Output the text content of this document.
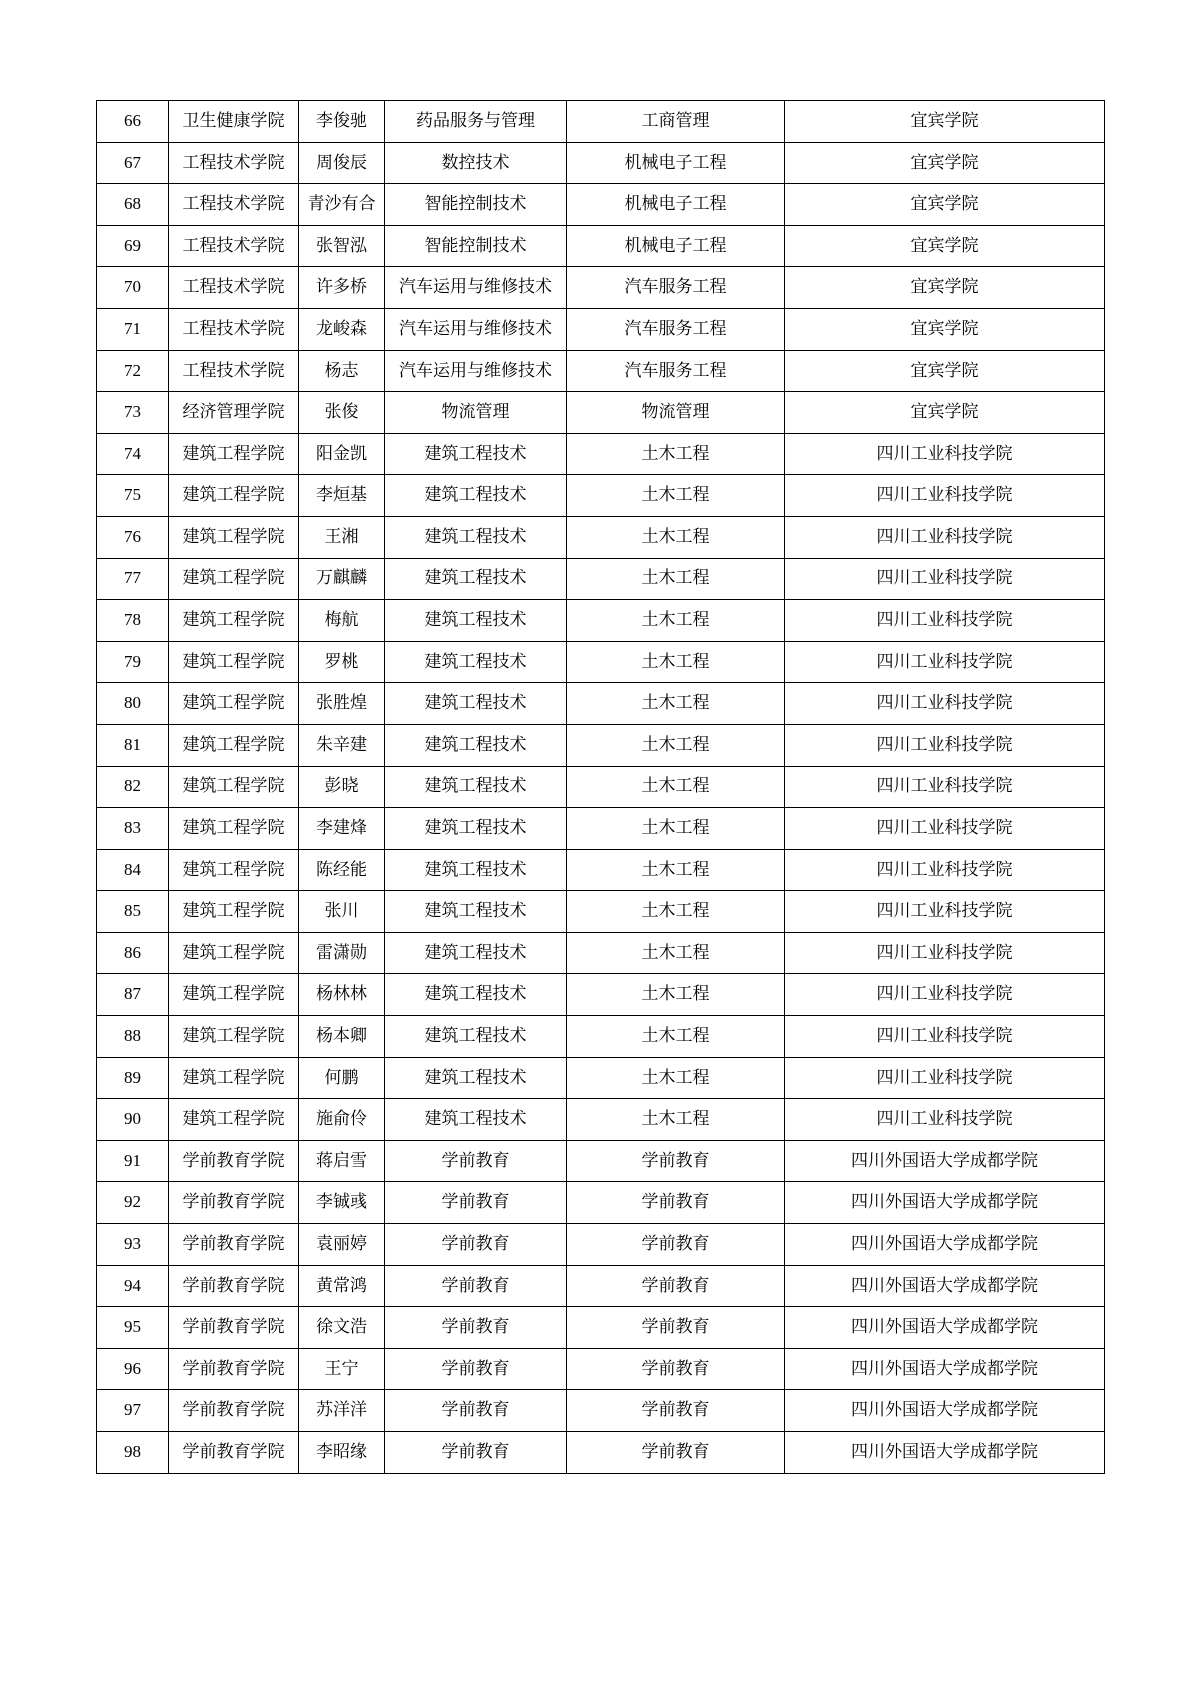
66	卫生健康学院	李俊驰	药品服务与管理	工商管理	宜宾学院
67	工程技术学院	周俊辰	数控技术	机械电子工程	宜宾学院
68	工程技术学院	青沙有合	智能控制技术	机械电子工程	宜宾学院
69	工程技术学院	张智泓	智能控制技术	机械电子工程	宜宾学院
70	工程技术学院	许多桥	汽车运用与维修技术	汽车服务工程	宜宾学院
71	工程技术学院	龙峻森	汽车运用与维修技术	汽车服务工程	宜宾学院
72	工程技术学院	杨志	汽车运用与维修技术	汽车服务工程	宜宾学院
73	经济管理学院	张俊	物流管理	物流管理	宜宾学院
74	建筑工程学院	阳金凯	建筑工程技术	土木工程	四川工业科技学院
75	建筑工程学院	李烜基	建筑工程技术	土木工程	四川工业科技学院
76	建筑工程学院	王湘	建筑工程技术	土木工程	四川工业科技学院
77	建筑工程学院	万麒麟	建筑工程技术	土木工程	四川工业科技学院
78	建筑工程学院	梅航	建筑工程技术	土木工程	四川工业科技学院
79	建筑工程学院	罗桃	建筑工程技术	土木工程	四川工业科技学院
80	建筑工程学院	张胜煌	建筑工程技术	土木工程	四川工业科技学院
81	建筑工程学院	朱辛建	建筑工程技术	土木工程	四川工业科技学院
82	建筑工程学院	彭晓	建筑工程技术	土木工程	四川工业科技学院
83	建筑工程学院	李建烽	建筑工程技术	土木工程	四川工业科技学院
84	建筑工程学院	陈经能	建筑工程技术	土木工程	四川工业科技学院
85	建筑工程学院	张川	建筑工程技术	土木工程	四川工业科技学院
86	建筑工程学院	雷潇勋	建筑工程技术	土木工程	四川工业科技学院
87	建筑工程学院	杨林林	建筑工程技术	土木工程	四川工业科技学院
88	建筑工程学院	杨本卿	建筑工程技术	土木工程	四川工业科技学院
89	建筑工程学院	何鹏	建筑工程技术	土木工程	四川工业科技学院
90	建筑工程学院	施俞伶	建筑工程技术	土木工程	四川工业科技学院
91	学前教育学院	蒋启雪	学前教育	学前教育	四川外国语大学成都学院
92	学前教育学院	李铖彧	学前教育	学前教育	四川外国语大学成都学院
93	学前教育学院	袁丽婷	学前教育	学前教育	四川外国语大学成都学院
94	学前教育学院	黄常鸿	学前教育	学前教育	四川外国语大学成都学院
95	学前教育学院	徐文浩	学前教育	学前教育	四川外国语大学成都学院
96	学前教育学院	王宁	学前教育	学前教育	四川外国语大学成都学院
97	学前教育学院	苏洋洋	学前教育	学前教育	四川外国语大学成都学院
98	学前教育学院	李昭缘	学前教育	学前教育	四川外国语大学成都学院
